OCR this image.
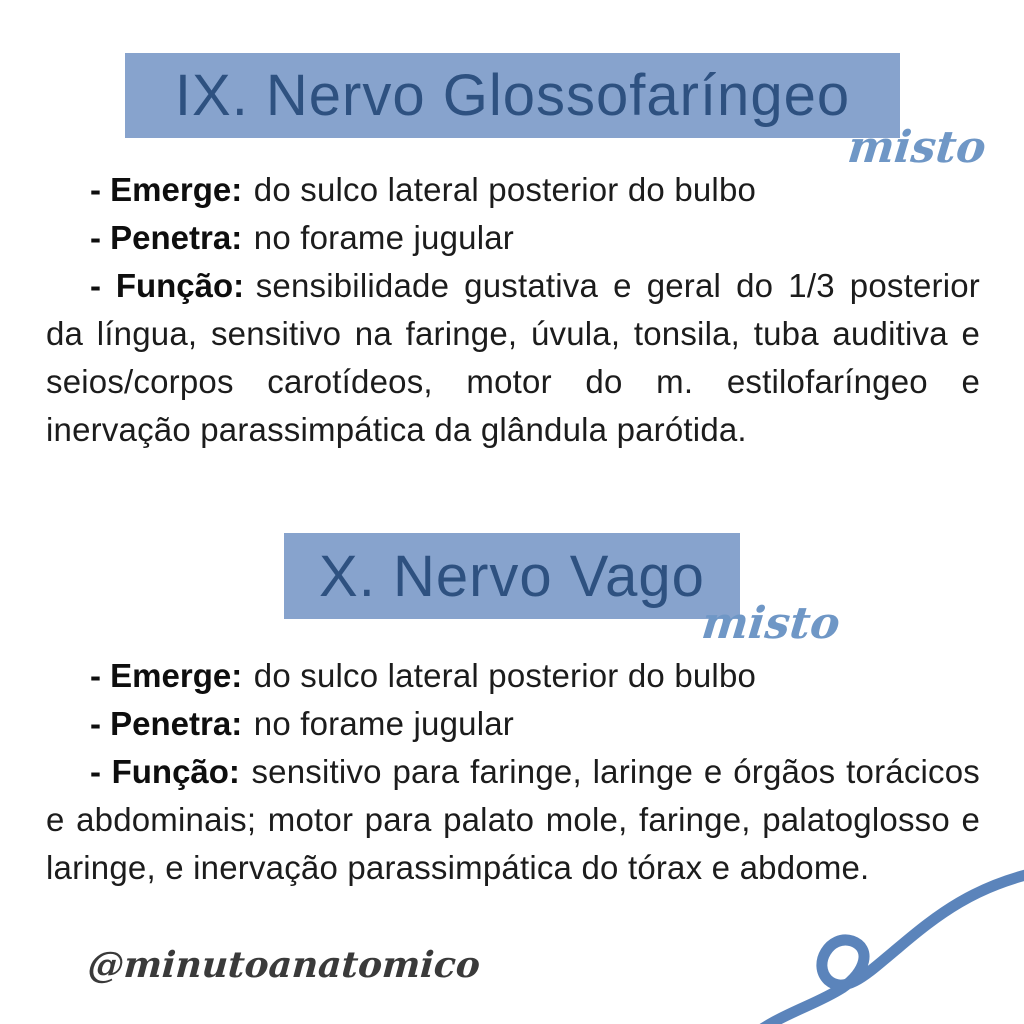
IX. Nervo Glossofaríngeo
misto

- Emerge: do sulco lateral posterior do bulbo

- Penetra: no forame jugular

- Função: sensibilidade gustativa e geral do 1/3 posterior da língua, sensitivo na faringe, úvula, tonsila, tuba auditiva e seios/corpos carotídeos, motor do m. estilofaríngeo e inervação parassimpática da glândula parótida.

X. Nervo Vago
misto

- Emerge: do sulco lateral posterior do bulbo

- Penetra: no forame jugular

- Função: sensitivo para faringe, laringe e órgãos torácicos e abdominais; motor para palato mole, faringe, palatoglosso e laringe, e inervação parassimpática do tórax e abdome.

@minutoanatomico
